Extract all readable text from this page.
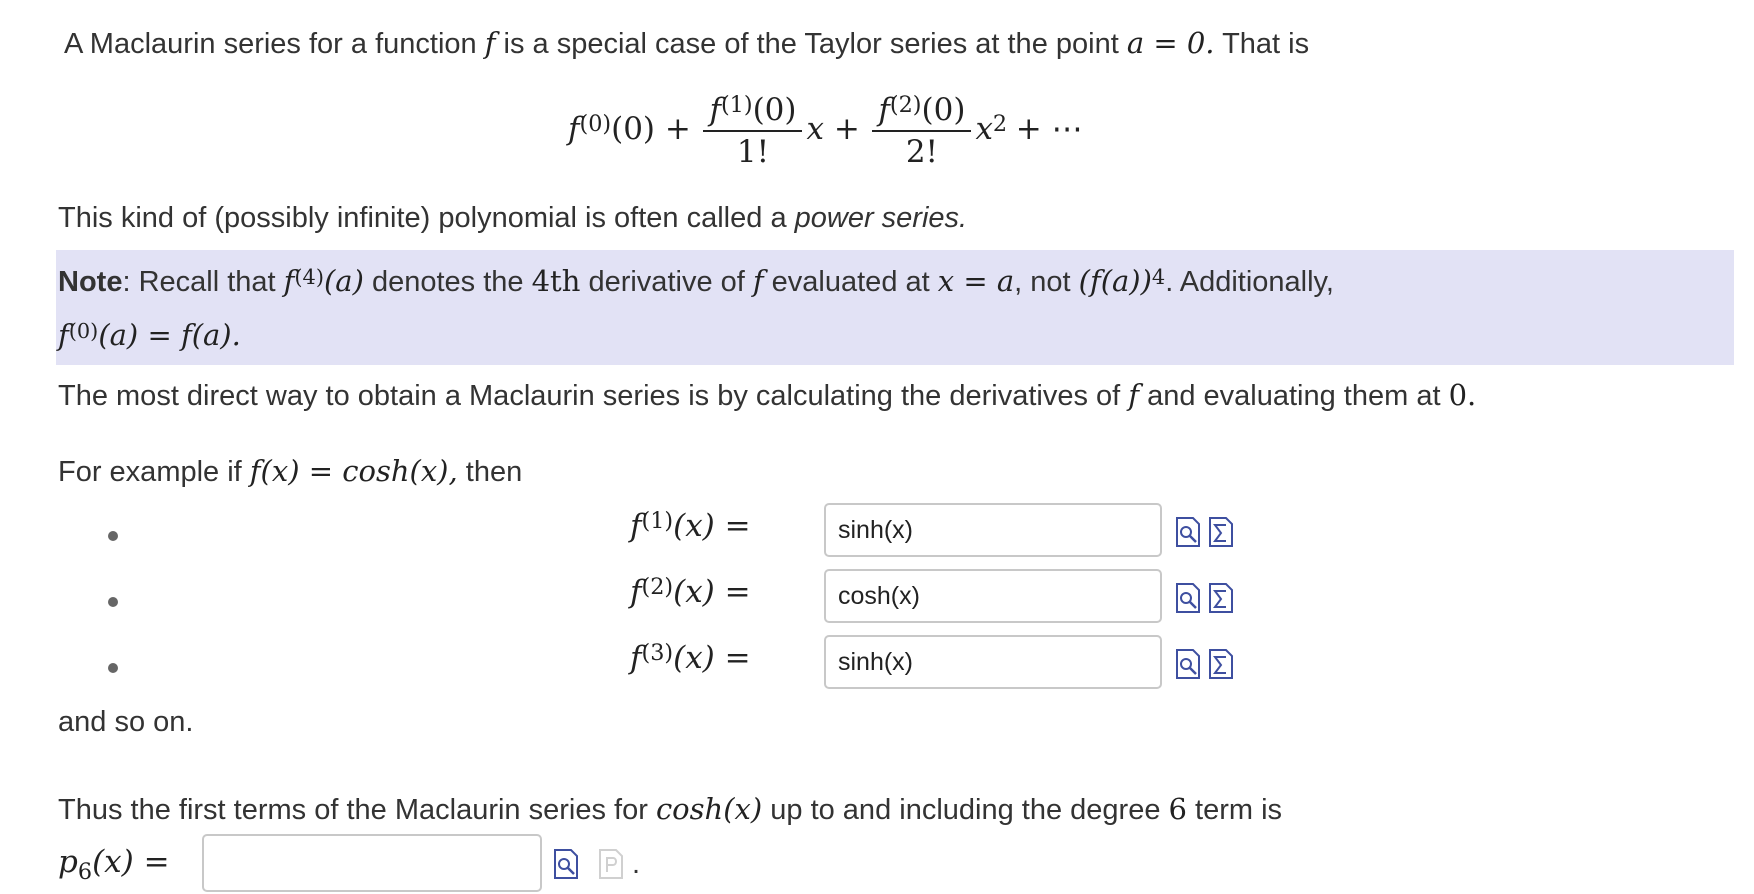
A Maclaurin series for a function f is a special case of the Taylor series at the point a = 0. That is
$f^{(0)}(0) + \frac{f^{(1)}(0)}{1!}$ $x + \frac{f^{(2)}(0)}{2!} x^2$ + ⋯
This kind of (possibly infinite) polynomial is often called a power series.
Note: Recall that $f^{(4)}(a)$ denotes the 4th derivative of f evaluated at x = a, not $(f(a))^4$. Additionally,
$f^{(0)}(a) = f(a)$.
The most direct way to obtain a Maclaurin series is by calculating the derivatives of f and evaluating them at 0.
For example if f(x) = cosh(x), then
$f^{(1)}(x)$ =	sinh(x)
$f^{(2)}(x)$ =	cosh(x)
$f^{(3)}(x)$ =	sinh(x)
and so on.
Thus the first terms of the Maclaurin series for cosh(x) up to and including the degree 6 term is
$p_6(x)$ =	.
